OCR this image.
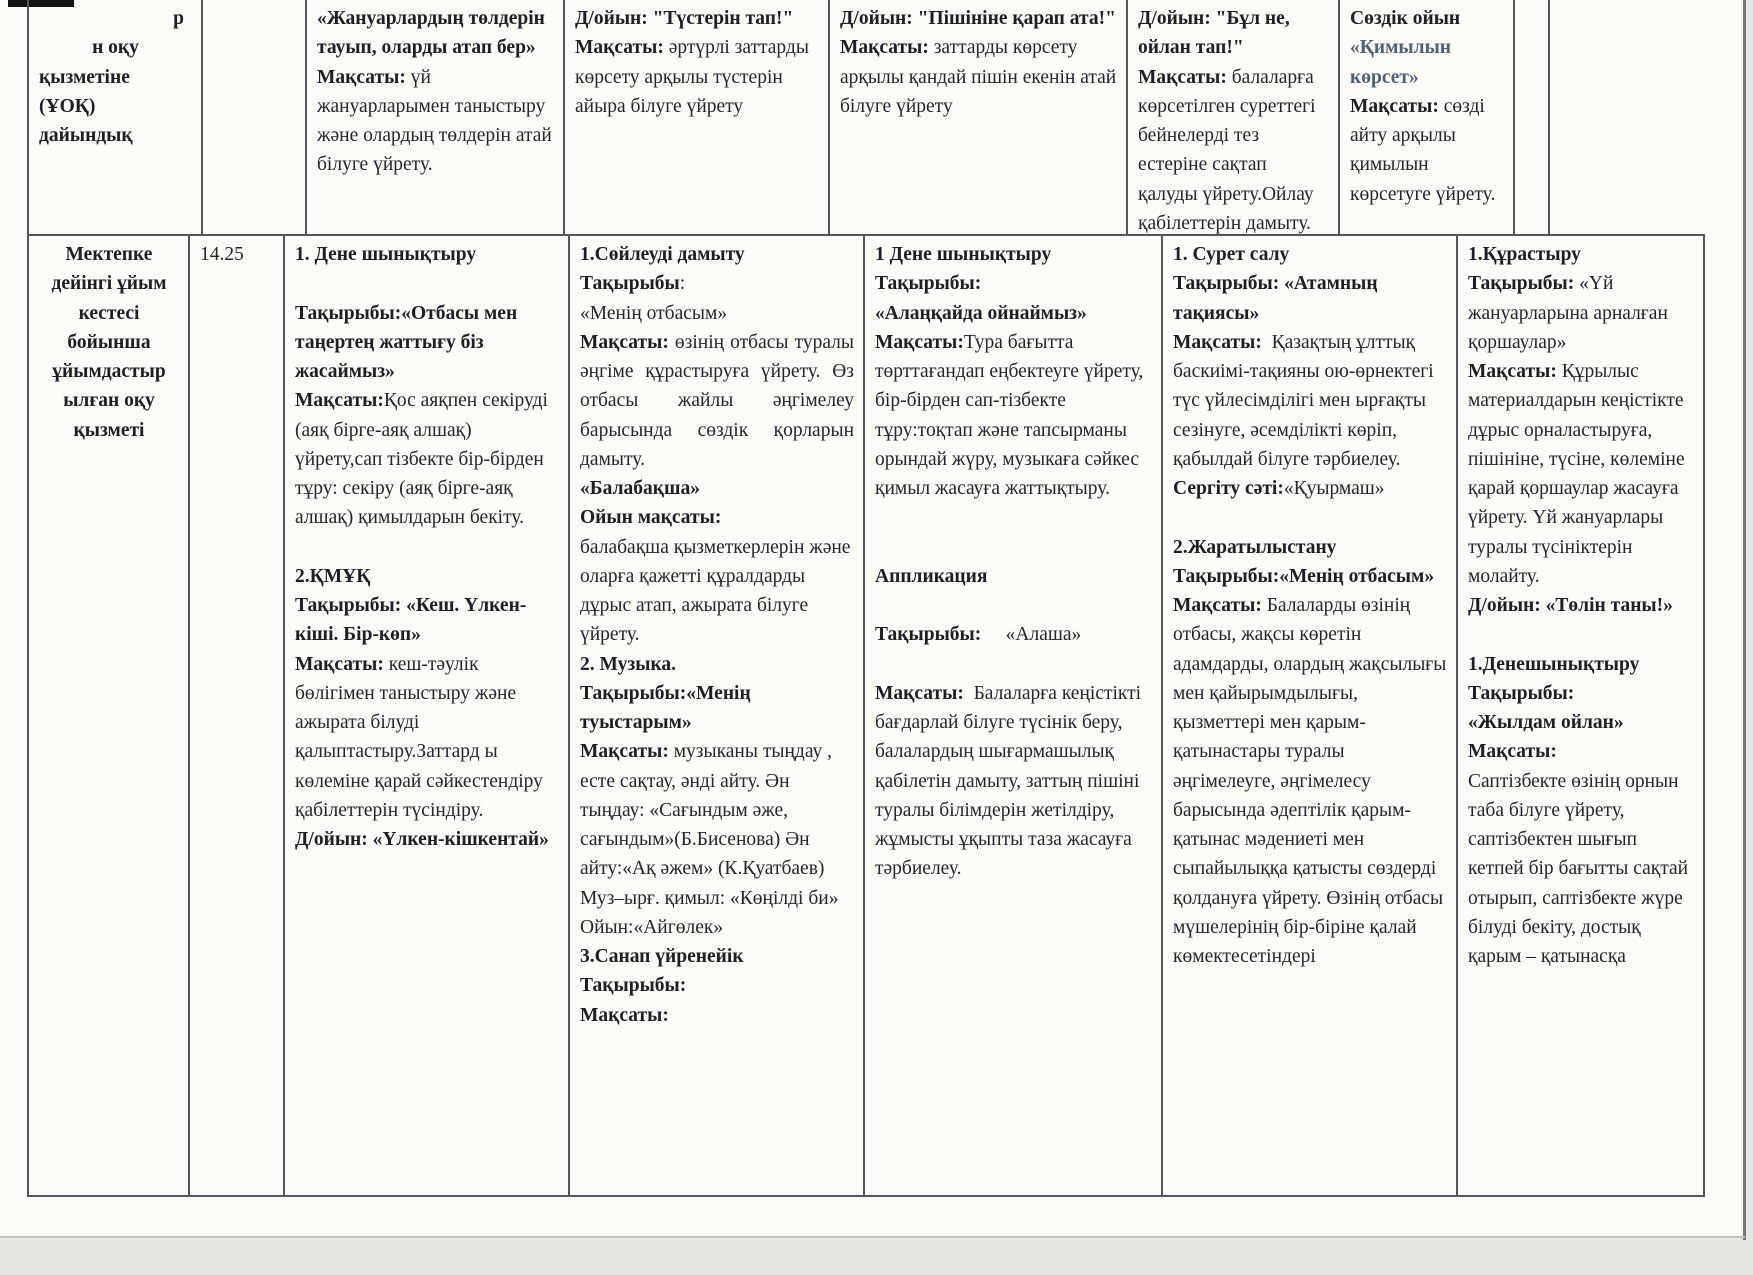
р
н оқу
қызметіне
(ҰОҚ)
дайындық
«Жануарлардың төлдерін тауып, оларды атап бер» Мақсаты: үй жануарларымен таныстыру және олардың төлдерін атай білуге үйрету.
Д/ойын: "Түстерін тап!" Мақсаты: әртүрлі заттарды көрсету арқылы түстерін айыра білуге үйрету
Д/ойын: "Пішініне қарап ата!" Мақсаты: заттарды көрсету арқылы қандай пішін екенін атай білуге үйрету
Д/ойын: "Бұл не, ойлан тап!" Мақсаты: балаларға көрсетілген суреттегі бейнелерді тез естеріне сақтап қалуды үйрету.Ойлау қабілеттерін дамыту.
Сөздік ойын «Қимылын көрсет» Мақсаты: сөзді айту арқылы қимылын көрсетуге үйрету.
Мектепке дейінгі ұйым кестесі бойынша ұйымдастыр ылған оқу қызметі
14.25	1. Дене шынықтыру

Тақырыбы:«Отбасы мен таңертең жаттығу біз жасаймыз»
Мақсаты:Қос аяқпен секіруді (аяқ бірге-аяқ алшақ) үйрету,сап тізбекте бір-бірден тұру: секіру (аяқ бірге-аяқ алшақ) қимылдарын бекіту.

2.ҚМҰҚ
Тақырыбы: «Кеш. Үлкен-кіші. Бір-көп»
Мақсаты: кеш-тәулік бөлігімен таныстыру және ажырата білуді қалыптастыру.Заттард ы көлеміне қарай сәйкестендіру қабілеттерін түсіндіру.
Д/ойын: «Үлкен-кішкентай»
1.Сөйлеуді дамыту
Тақырыбы:
«Менің отбасым»
Мақсаты: өзінің отбасы туралы әңгіме құрастыруға үйрету. Өз отбасы жайлы әңгімелеу барысында сөздік қорларын дамыту.
«Балабақша»
Ойын мақсаты:
балабақша қызметкерлерін және оларға қажетті құралдарды дұрыс атап, ажырата білуге үйрету.
2. Музыка.
Тақырыбы:«Менің туыстарым»
Мақсаты: музыканы тыңдау , есте сақтау, әнді айту. Ән тыңдау: «Сағындым әже, сағындым»(Б.Бисенова) Ән айту:«Ақ әжем» (К.Қуатбаев) Муз–ырғ. қимыл: «Көңілді би» Ойын:«Айгөлек»
3.Санап үйренейік
Тақырыбы:
Мақсаты:
1 Дене шынықтыру
Тақырыбы:
«Алаңқайда ойнаймыз»
Мақсаты:Тура бағытта төрттағандап еңбектеуге үйрету, бір-бірден сап-тізбекте тұру:тоқтап және тапсырманы орындай жүру, музыкаға сәйкес қимыл жасауға жаттықтыру.

Аппликация

Тақырыбы:     «Алаша»

Мақсаты:  Балаларға кеңістікті бағдарлай білуге түсінік беру, балалардың шығармашылық қабілетін дамыту, заттың пішіні туралы білімдерін жетілдіру, жұмысты ұқыпты таза жасауға тәрбиелеу.
1. Сурет салу
Тақырыбы: «Атамның тақиясы»
Мақсаты:  Қазақтың ұлттық баскиімі-тақияны ою-өрнектегі түс үйлесімділігі мен ырғақты сезінуге, әсемділікті көріп, қабылдай білуге тәрбиелеу.
Сергіту сәті:«Қуырмаш»

2.Жаратылыстану
Тақырыбы:«Менің отбасым»
Мақсаты: Балаларды өзінің отбасы, жақсы көретін адамдарды, олардың жақсылығы мен қайырымдылығы, қызметтері мен қарым-қатынастары туралы әңгімелеуге, әңгімелесу барысында әдептілік қарым-қатынас мәдениеті мен сыпайылыққа қатысты сөздерді қолдануға үйрету. Өзінің отбасы мүшелерінің бір-біріне қалай көмектесетіндері
1.Құрастыру
Тақырыбы: «Үй жануарларына арналған қоршаулар»
Мақсаты: Құрылыс материалдарын кеңістікте дұрыс орналастыруға, пішініне, түсіне, көлеміне қарай қоршаулар жасауға үйрету. Үй жануарлары туралы түсініктерін молайту.
Д/ойын: «Төлін таны!»

1.Денешынықтыру
Тақырыбы:
«Жылдам ойлан»
Мақсаты:
Саптізбекте өзінің орнын таба білуге үйрету, саптізбектен шығып кетпей бір бағытты сақтай отырып, саптізбекте жүре білуді бекіту, достық қарым – қатынасқа
